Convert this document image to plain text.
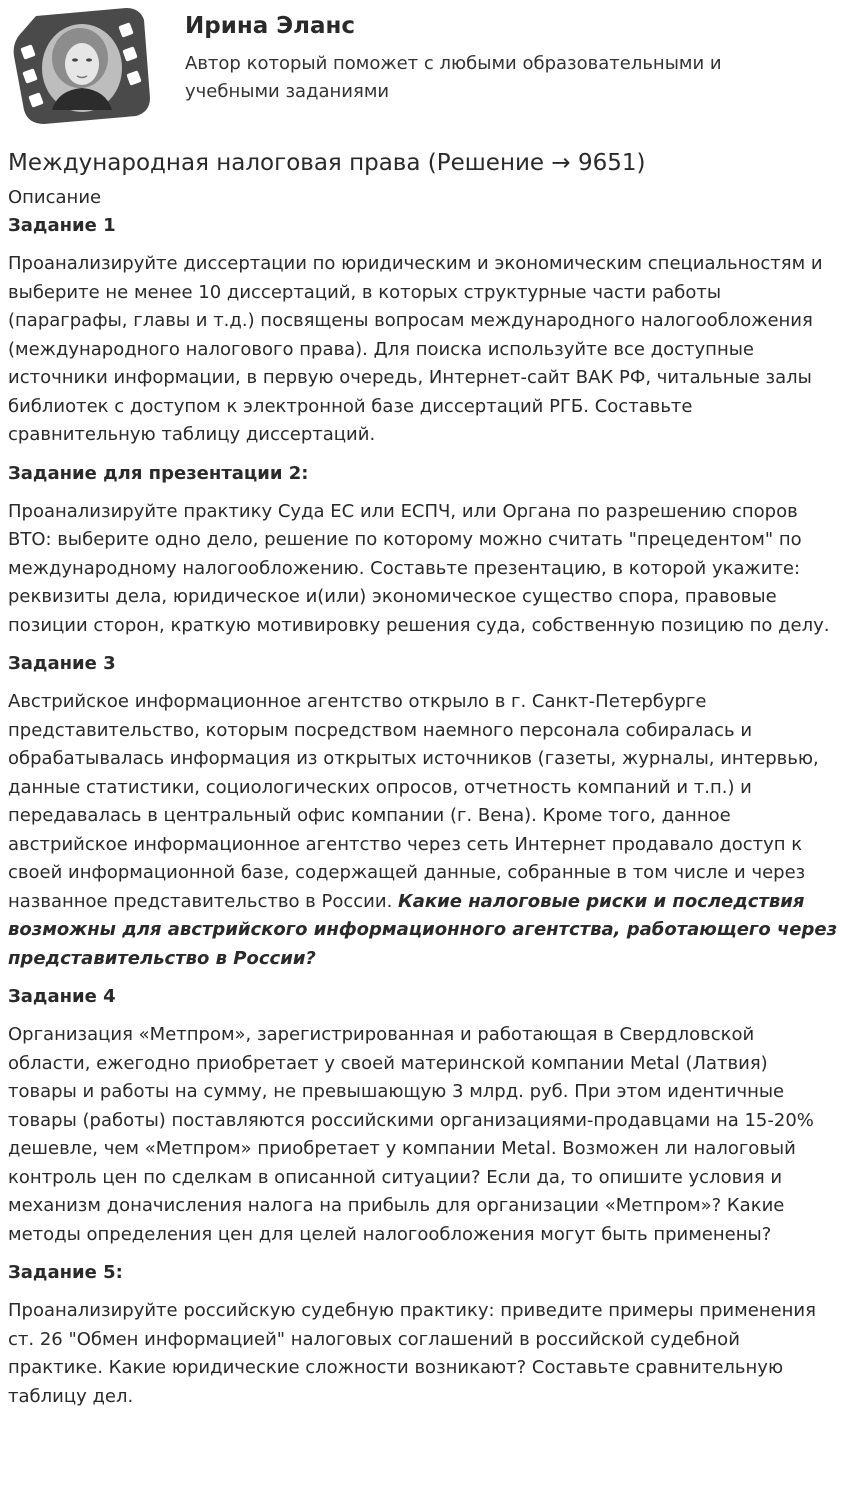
Ирина Эланс
Автор который поможет с любыми образовательными и учебными заданиями
Международная налоговая права (Решение → 9651)
Описание
Задание 1
Проанализируйте диссертации по юридическим и экономическим специальностям и выберите не менее 10 диссертаций, в которых структурные части работы (параграфы, главы и т.д.) посвящены вопросам международного налогообложения (международного налогового права). Для поиска используйте все доступные источники информации, в первую очередь, Интернет-сайт ВАК РФ, читальные залы библиотек с доступом к электронной базе диссертаций РГБ. Составьте сравнительную таблицу диссертаций.
Задание для презентации 2:
Проанализируйте практику Суда ЕС или ЕСПЧ, или Органа по разрешению споров ВТО: выберите одно дело, решение по которому можно считать "прецедентом" по международному налогообложению. Составьте презентацию, в которой укажите: реквизиты дела, юридическое и(или) экономическое существо спора, правовые позиции сторон, краткую мотивировку решения суда, собственную позицию по делу.
Задание 3
Австрийское информационное агентство открыло в г. Санкт-Петербурге представительство, которым посредством наемного персонала собиралась и обрабатывалась информация из открытых источников (газеты, журналы, интервью, данные статистики, социологических опросов, отчетность компаний и т.п.) и передавалась в центральный офис компании (г. Вена). Кроме того, данное австрийское информационное агентство через сеть Интернет продавало доступ к своей информационной базе, содержащей данные, собранные в том числе и через названное представительство в России. Какие налоговые риски и последствия возможны для австрийского информационного агентства, работающего через представительство в России?
Задание 4
Организация «Метпром», зарегистрированная и работающая в Свердловской области, ежегодно приобретает у своей материнской компании Metal (Латвия) товары и работы на сумму, не превышающую 3 млрд. руб. При этом идентичные товары (работы) поставляются российскими организациями-продавцами на 15-20% дешевле, чем «Метпром» приобретает у компании Metal. Возможен ли налоговый контроль цен по сделкам в описанной ситуации? Если да, то опишите условия и механизм доначисления налога на прибыль для организации «Метпром»? Какие методы определения цен для целей налогообложения могут быть применены?
Задание 5:
Проанализируйте российскую судебную практику: приведите примеры применения ст. 26 "Обмен информацией" налоговых соглашений в российской судебной практике. Какие юридические сложности возникают? Составьте сравнительную таблицу дел.
